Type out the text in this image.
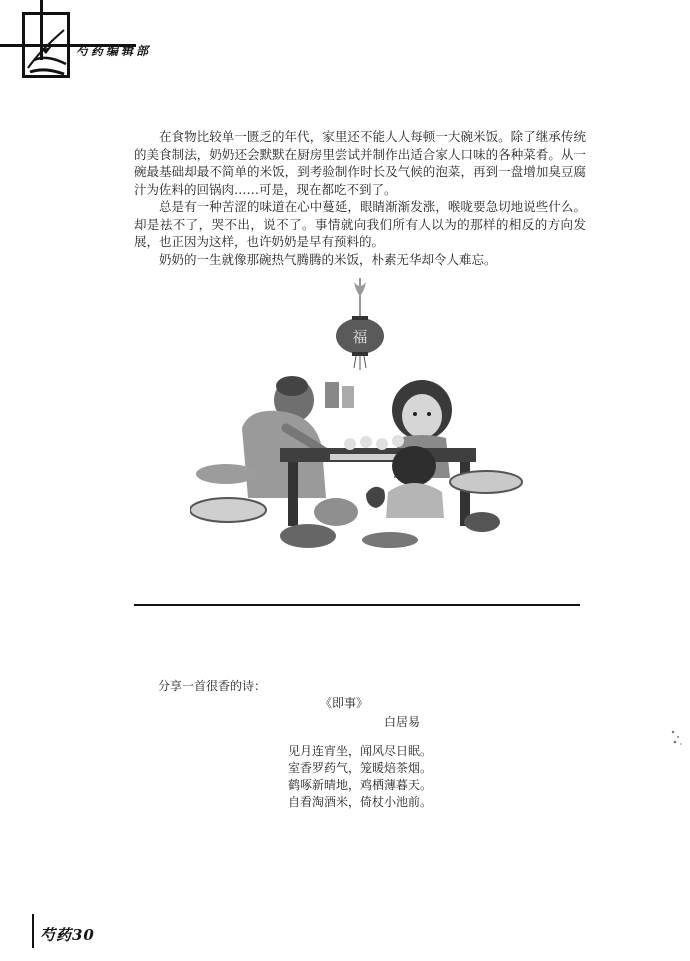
芍药编辑部

在食物比较单一匮乏的年代，家里还不能人人每顿一大碗米饭。除了继承传统的美食制法，奶奶还会默默在厨房里尝试并制作出适合家人口味的各种菜肴。从一碗最基础却最不简单的米饭，到考验制作时长及气候的泡菜，再到一盘增加臭豆腐汁为佐料的回锅肉……可是，现在都吃不到了。

总是有一种苦涩的味道在心中蔓延，眼睛渐渐发涨，喉咙要急切地说些什么。却是祛不了，哭不出，说不了。事情就向我们所有人以为的那样的相反的方向发展，也正因为这样，也许奶奶是早有预料的。

奶奶的一生就像那碗热气腾腾的米饭，朴素无华却令人难忘。

福
分享一首很香的诗：
《即事》
白居易
见月连宵坐，闻风尽日眠。
室香罗药气，笼暖焙茶烟。
鹤啄新晴地，鸡栖薄暮天。
自看淘酒米，倚杖小池前。
芍药30
